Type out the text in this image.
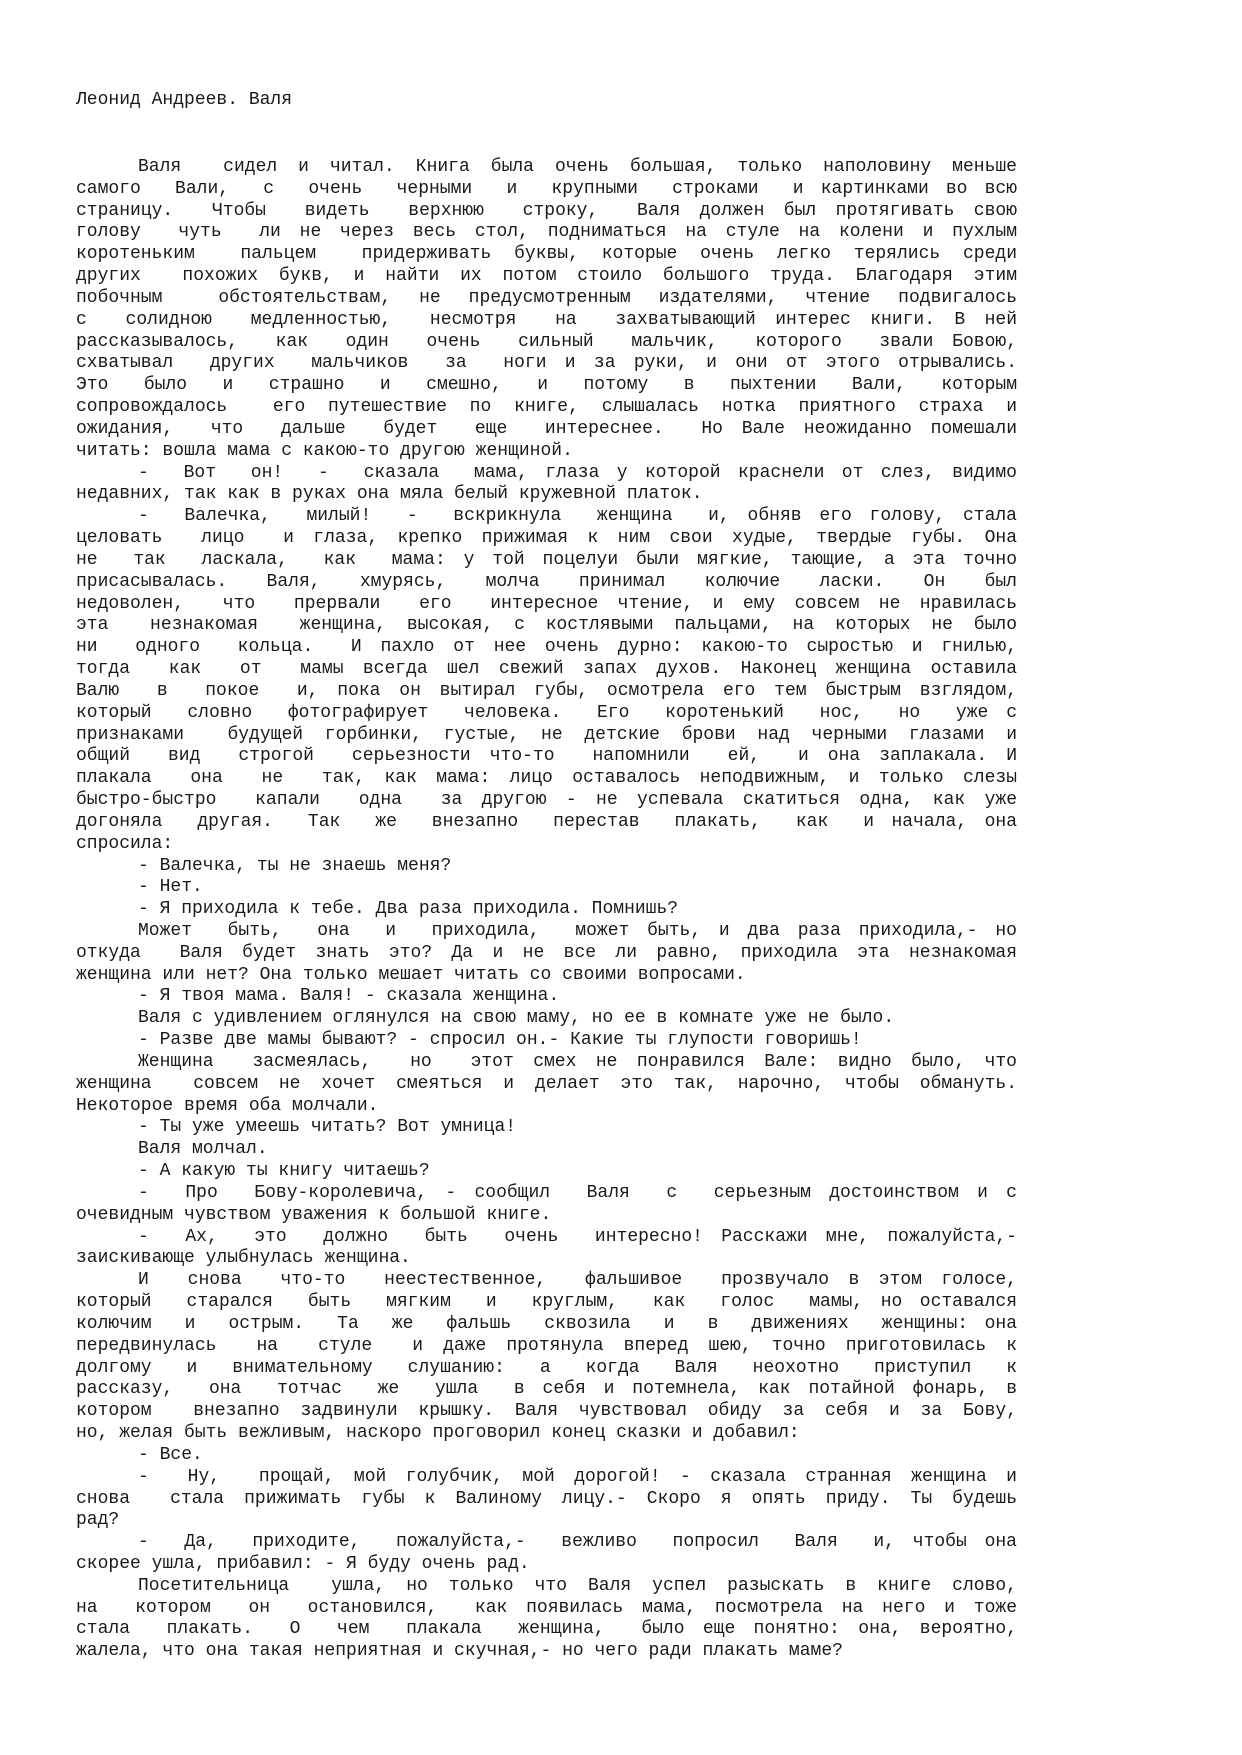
Леонид Андреев. Валя
Валя  сидел и читал. Книга была очень большая, только наполовину меньше
самого  Вали,  с  очень  черными  и  крупными  строками  и картинками во всю
страницу.  Чтобы  видеть  верхнюю  строку,  Валя должен был протягивать свою
голову  чуть  ли не через весь стол, подниматься на стуле на колени и пухлым
коротеньким  пальцем  придерживать буквы, которые очень легко терялись среди
других  похожих букв, и найти их потом стоило большого труда. Благодаря этим
побочным  обстоятельствам, не предусмотренным издателями, чтение подвигалось
с  солидною  медленностью,  несмотря  на  захватывающий интерес книги. В ней
рассказывалось,  как  один  очень  сильный  мальчик,  которого  звали Бовою,
схватывал  других  мальчиков  за  ноги и за руки, и они от этого отрывались.
Это  было  и  страшно  и  смешно,  и  потому  в  пыхтении  Вали,  которым
сопровождалось  его путешествие по книге, слышалась нотка приятного страха и
ожидания,  что  дальше  будет  еще  интереснее.  Но Вале неожиданно помешали
читать: вошла мама с какою-то другою женщиной.
-  Вот  он!  -  сказала  мама, глаза у которой краснели от слез, видимо
недавних, так как в руках она мяла белый кружевной платок.
-  Валечка,  милый!  -  вскрикнула  женщина  и, обняв его голову, стала
целовать  лицо  и глаза, крепко прижимая к ним свои худые, твердые губы. Она
не  так  ласкала,  как  мама: у той поцелуи были мягкие, тающие, а эта точно
присасывалась.  Валя,  хмурясь,  молча  принимал  колючие  ласки.  Он  был
недоволен,  что  прервали  его  интересное чтение, и ему совсем не нравилась
эта  незнакомая  женщина, высокая, с костлявыми пальцами, на которых не было
ни  одного  кольца.  И пахло от нее очень дурно: какою-то сыростью и гнилью,
тогда  как  от  мамы всегда шел свежий запах духов. Наконец женщина оставила
Валю  в  покое  и, пока он вытирал губы, осмотрела его тем быстрым взглядом,
который  словно  фотографирует  человека.  Его  коротенький  нос,  но  уже с
признаками  будущей горбинки, густые, не детские брови над черными глазами и
общий  вид  строгой  серьезности что-то  напомнили  ей,  и она заплакала. И
плакала  она  не  так, как мама: лицо оставалось неподвижным, и только слезы
быстро-быстро  капали  одна  за другою - не успевала скатиться одна, как уже
догоняла  другая.  Так  же  внезапно  перестав  плакать,  как  и начала, она
спросила:
- Валечка, ты не знаешь меня?
- Нет.
- Я приходила к тебе. Два раза приходила. Помнишь?
Может  быть,  она  и  приходила,  может быть, и два раза приходила,- но
откуда  Валя будет знать это? Да и не все ли равно, приходила эта незнакомая
женщина или нет? Она только мешает читать со своими вопросами.
- Я твоя мама. Валя! - сказала женщина.
Валя с удивлением оглянулся на свою маму, но ее в комнате уже не было.
- Разве две мамы бывают? - спросил он.- Какие ты глупости говоришь!
Женщина  засмеялась,  но  этот смех не понравился Вале: видно было, что
женщина  совсем не хочет смеяться и делает это так, нарочно, чтобы обмануть.
Некоторое время оба молчали.
- Ты уже умеешь читать? Вот умница!
Валя молчал.
- А какую ты книгу читаешь?
-  Про  Бову-королевича, - сообщил  Валя  с  серьезным достоинством и с
очевидным чувством уважения к большой книге.
-  Ах,  это  должно  быть  очень  интересно! Расскажи мне, пожалуйста,-
заискивающе улыбнулась женщина.
И  снова  что-то  неестественное,  фальшивое  прозвучало в этом голосе,
который  старался  быть  мягким  и  круглым,  как  голос  мамы, но оставался
колючим  и  острым.  Та  же  фальшь  сквозила  и  в  движениях  женщины: она
передвинулась  на  стуле  и даже протянула вперед шею, точно приготовилась к
долгому  и  внимательному  слушанию:  а  когда  Валя  неохотно  приступил  к
рассказу,  она  тотчас  же  ушла  в себя и потемнела, как потайной фонарь, в
котором  внезапно задвинули крышку. Валя чувствовал обиду за себя и за Бову,
но, желая быть вежливым, наскоро проговорил конец сказки и добавил:
- Все.
-  Ну,  прощай, мой голубчик, мой дорогой! - сказала странная женщина и
снова  стала прижимать губы к Валиному лицу.- Скоро я опять приду. Ты будешь
рад?
-  Да,  приходите,  пожалуйста,-  вежливо  попросил  Валя  и, чтобы она
скорее ушла, прибавил: - Я буду очень рад.
Посетительница  ушла, но только что Валя успел разыскать в книге слово,
на  котором  он  остановился,  как появилась мама, посмотрела на него и тоже
стала  плакать.  О  чем  плакала  женщина,  было еще понятно: она, вероятно,
жалела, что она такая неприятная и скучная,- но чего ради плакать маме?
